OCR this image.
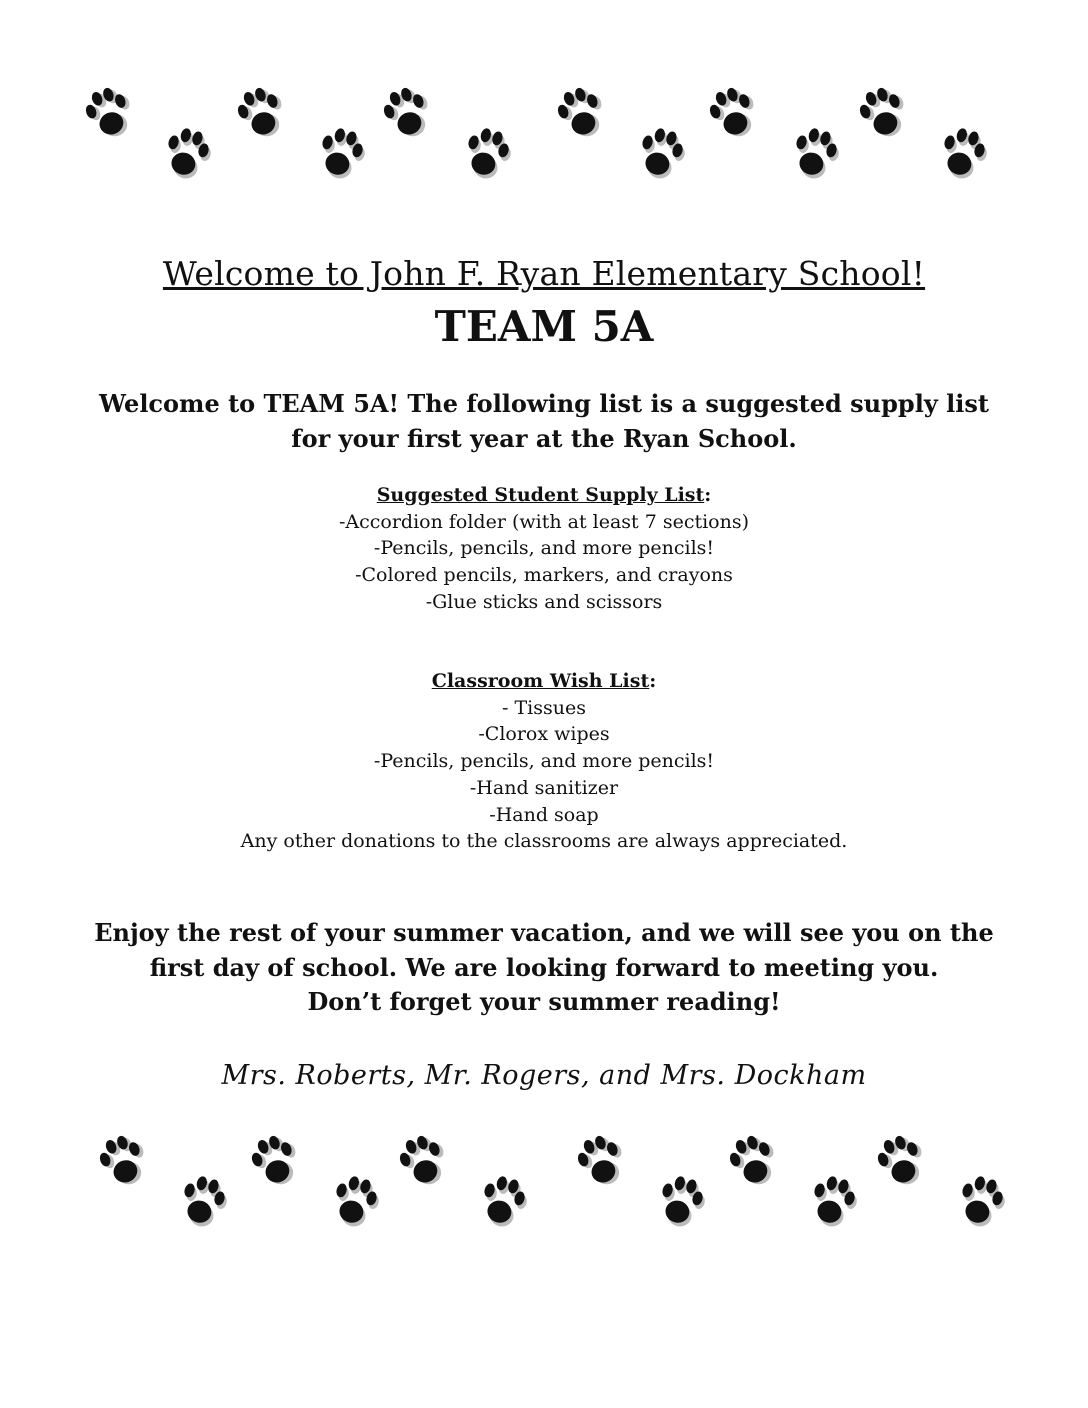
Welcome to John F. Ryan Elementary School!
TEAM 5A
Welcome to TEAM 5A! The following list is a suggested supply list
for your first year at the Ryan School.
Suggested Student Supply List:
-Accordion folder (with at least 7 sections)
-Pencils, pencils, and more pencils!
-Colored pencils, markers, and crayons
-Glue sticks and scissors
Classroom Wish List:
- Tissues
-Clorox wipes
-Pencils, pencils, and more pencils!
-Hand sanitizer
-Hand soap
Any other donations to the classrooms are always appreciated.
Enjoy the rest of your summer vacation, and we will see you on the
first day of school. We are looking forward to meeting you.
Don’t forget your summer reading!
Mrs. Roberts, Mr. Rogers, and Mrs. Dockham
